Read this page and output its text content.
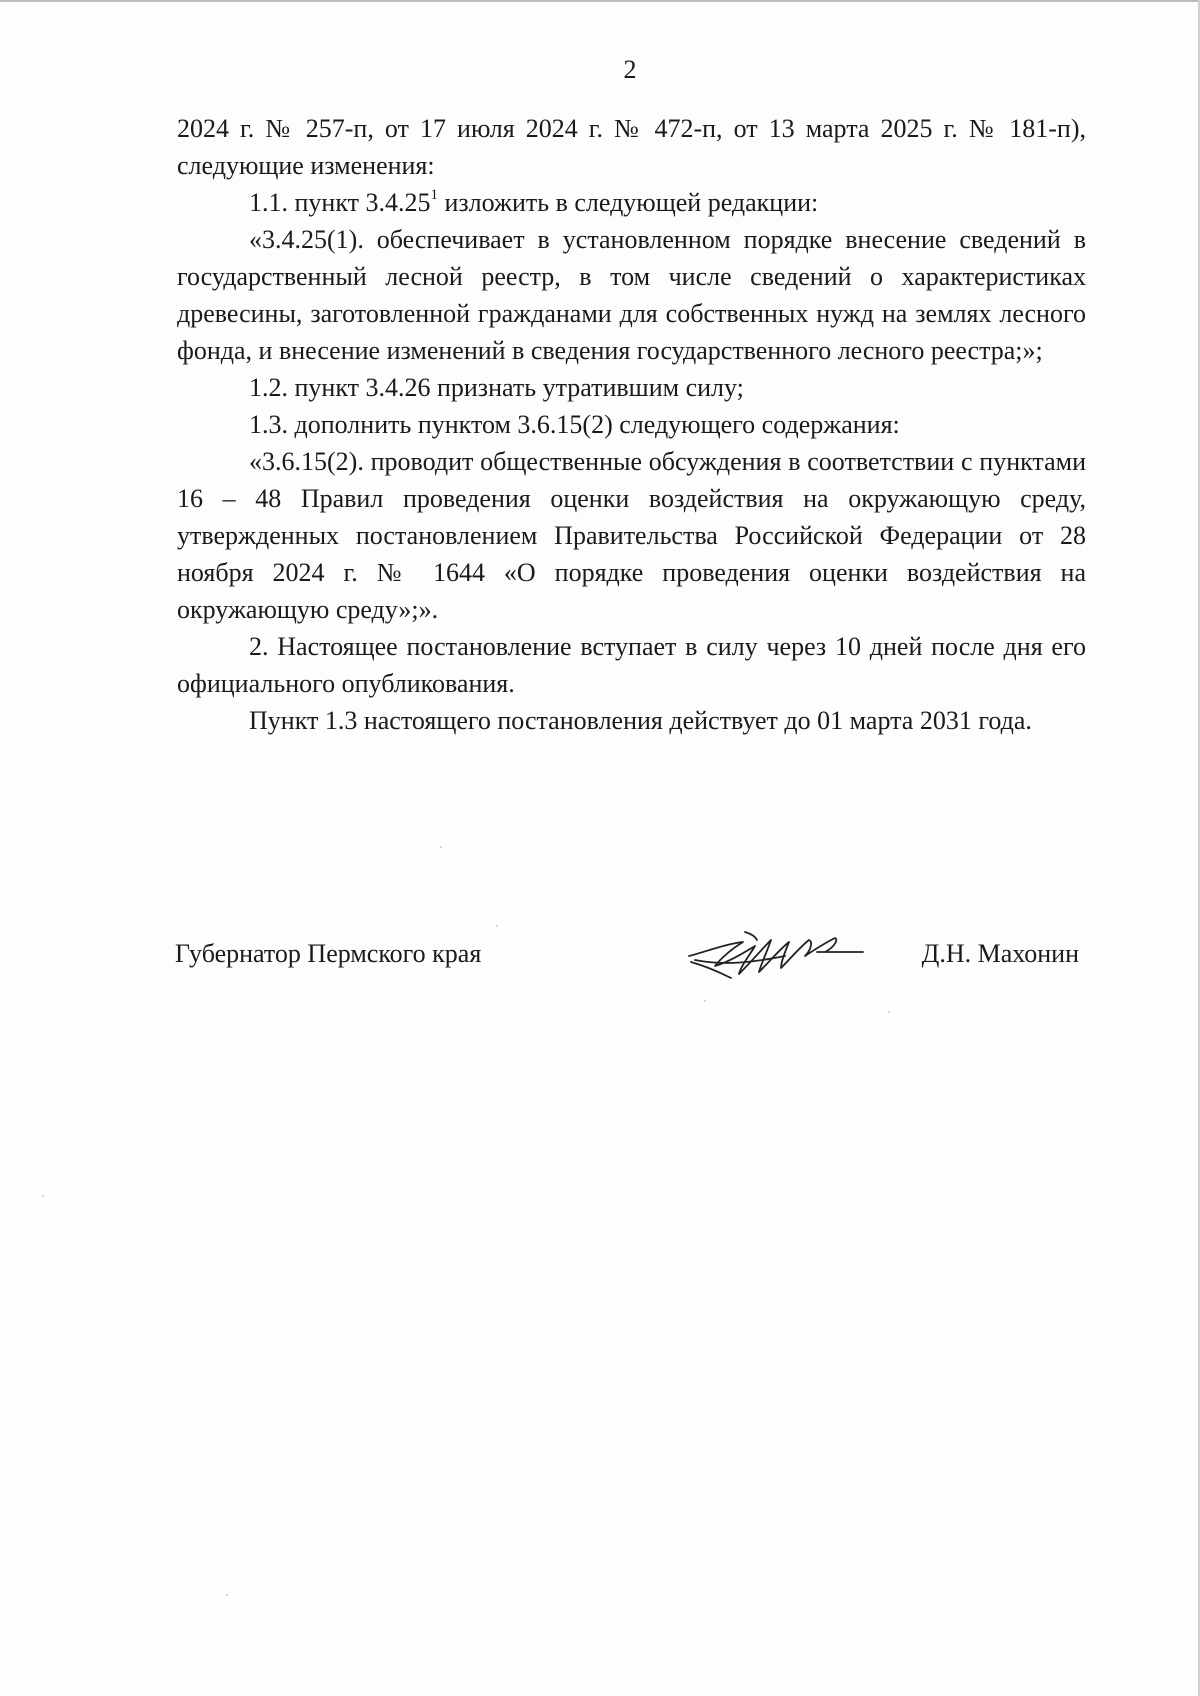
2

2024 г. № 257-п, от 17 июля 2024 г. № 472-п, от 13 марта 2025 г. № 181-п), следующие изменения:

1.1. пункт 3.4.25$^1$ изложить в следующей редакции:

«3.4.25(1). обеспечивает в установленном порядке внесение сведений в государственный лесной реестр, в том числе сведений о характеристиках древесины, заготовленной гражданами для собственных нужд на землях лесного фонда, и внесение изменений в сведения государственного лесного реестра;»;

1.2. пункт 3.4.26 признать утратившим силу;

1.3. дополнить пунктом 3.6.15(2) следующего содержания:

«3.6.15(2). проводит общественные обсуждения в соответствии с пунктами 16 – 48 Правил проведения оценки воздействия на окружающую среду, утвержденных постановлением Правительства Российской Федерации от 28 ноября 2024 г. № 1644 «О порядке проведения оценки воздействия на окружающую среду»;».

2. Настоящее постановление вступает в силу через 10 дней после дня его официального опубликования.

Пункт 1.3 настоящего постановления действует до 01 марта 2031 года.

Губернатор Пермского края	Д.Н. Махонин
